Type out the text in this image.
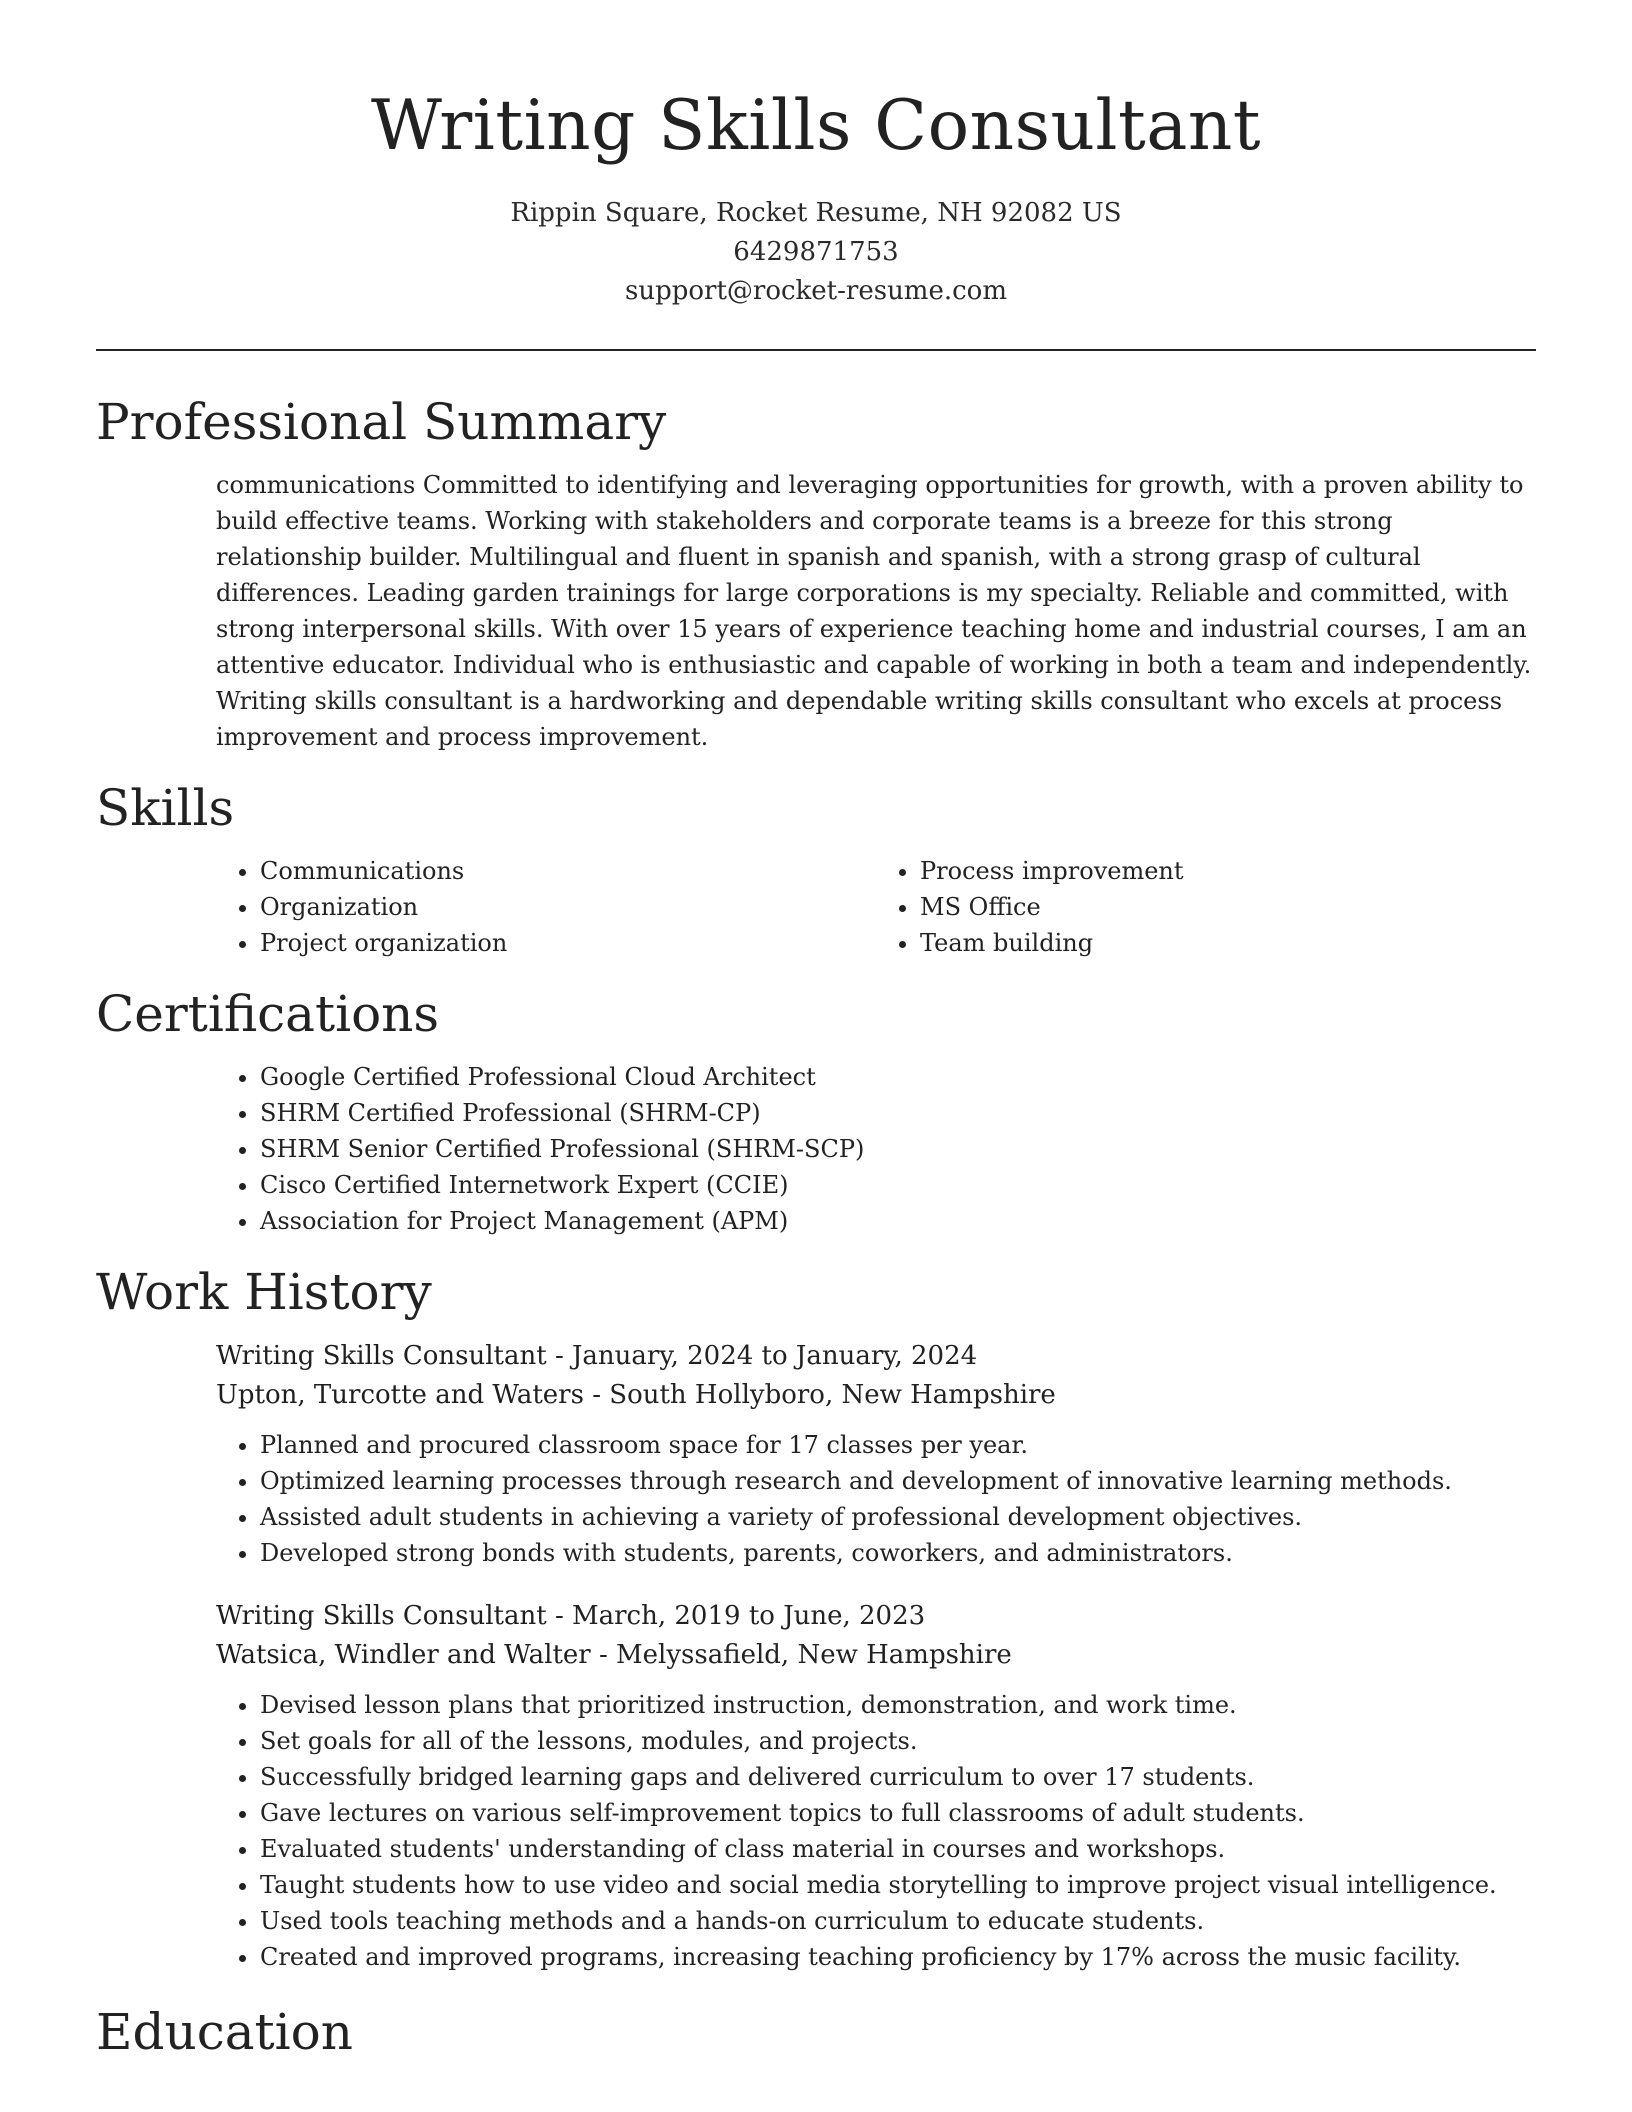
Writing Skills Consultant
Rippin Square, Rocket Resume, NH 92082 US
6429871753
support@rocket-resume.com
Professional Summary

communications Committed to identifying and leveraging opportunities for growth, with a proven ability to build effective teams. Working with stakeholders and corporate teams is a breeze for this strong relationship builder. Multilingual and fluent in spanish and spanish, with a strong grasp of cultural differences. Leading garden trainings for large corporations is my specialty. Reliable and committed, with strong interpersonal skills. With over 15 years of experience teaching home and industrial courses, I am an attentive educator. Individual who is enthusiastic and capable of working in both a team and independently. Writing skills consultant is a hardworking and dependable writing skills consultant who excels at process improvement and process improvement.

Skills
• Communications
• Organization
• Project organization
• Process improvement
• MS Office
• Team building
Certifications
• Google Certified Professional Cloud Architect
• SHRM Certified Professional (SHRM-CP)
• SHRM Senior Certified Professional (SHRM-SCP)
• Cisco Certified Internetwork Expert (CCIE)
• Association for Project Management (APM)
Work History
Writing Skills Consultant - January, 2024 to January, 2024
Upton, Turcotte and Waters - South Hollyboro, New Hampshire
• Planned and procured classroom space for 17 classes per year.
• Optimized learning processes through research and development of innovative learning methods.
• Assisted adult students in achieving a variety of professional development objectives.
• Developed strong bonds with students, parents, coworkers, and administrators.
Writing Skills Consultant - March, 2019 to June, 2023
Watsica, Windler and Walter - Melyssafield, New Hampshire
• Devised lesson plans that prioritized instruction, demonstration, and work time.
• Set goals for all of the lessons, modules, and projects.
• Successfully bridged learning gaps and delivered curriculum to over 17 students.
• Gave lectures on various self-improvement topics to full classrooms of adult students.
• Evaluated students' understanding of class material in courses and workshops.
• Taught students how to use video and social media storytelling to improve project visual intelligence.
• Used tools teaching methods and a hands-on curriculum to educate students.
• Created and improved programs, increasing teaching proficiency by 17% across the music facility.
Education
